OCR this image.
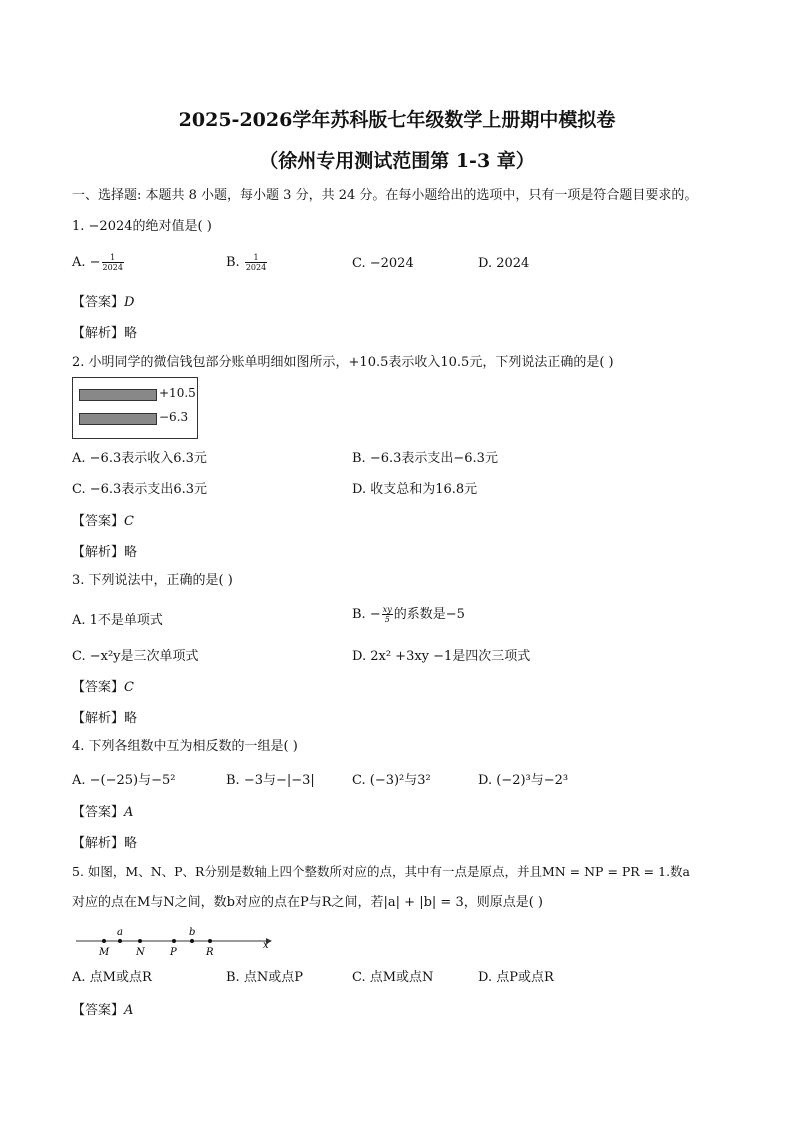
2025-2026学年苏科版七年级数学上册期中模拟卷
（徐州专用测试范围第 1-3 章）
一、选择题: 本题共 8 小题，每小题 3 分，共 24 分。在每小题给出的选项中，只有一项是符合题目要求的。
1. −2024的绝对值是( )
A. − $\frac{1}{2024}$	B. $\frac{1}{2024}$	C. −2024	D. 2024
【答案】D
【解析】略
2. 小明同学的微信钱包部分账单明细如图所示，+10.5表示收入10.5元，下列说法正确的是( )
+10.5
−6.3
A. −6.3表示收入6.3元	B. −6.3表示支出−6.3元
C. −6.3表示支出6.3元	D. 收支总和为16.8元
【答案】C
【解析】略
3. 下列说法中，正确的是( )
A. 1不是单项式	B. − $\frac{xy}{5}$ 的系数是−5
C. −x²y是三次单项式	D. 2x² +3xy −1是四次三项式
【答案】C
【解析】略
4. 下列各组数中互为相反数的一组是( )
A. −(−25)与−5²	B. −3与−|−3|	C. (−3)²与3²	D. (−2)³与−2³
【答案】A
【解析】略
5. 如图，M、N、P、R分别是数轴上四个整数所对应的点，其中有一点是原点，并且MN = NP = PR = 1.数a
对应的点在M与N之间，数b对应的点在P与R之间，若|a| + |b| = 3，则原点是( )
a	b
M	N	P	R
x
A. 点M或点R	B. 点N或点P	C. 点M或点N	D. 点P或点R
【答案】A
